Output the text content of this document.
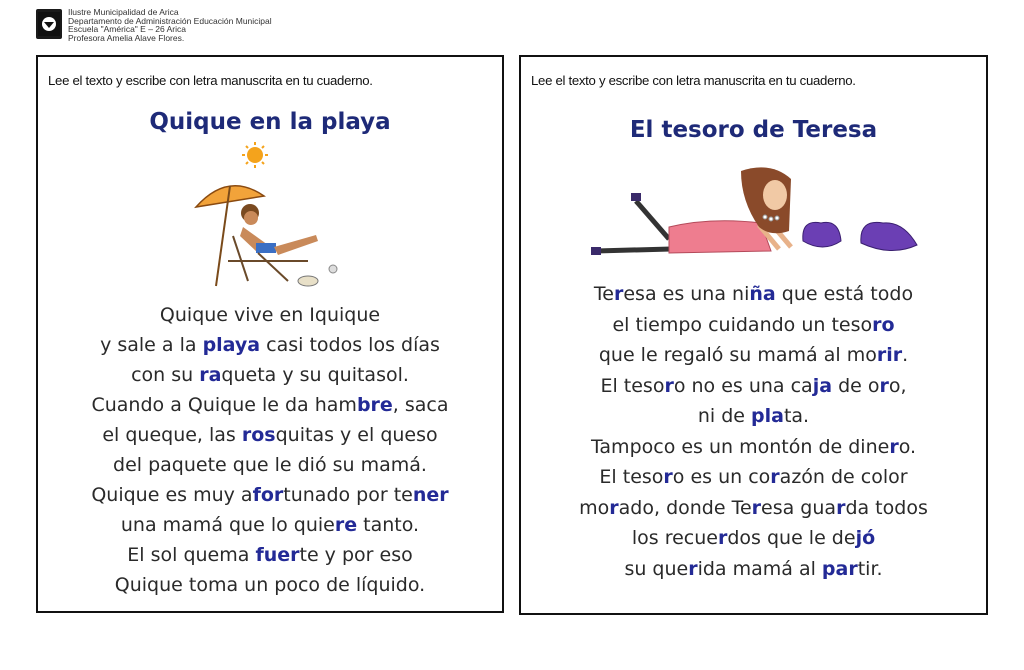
Ilustre Municipalidad de Arica
Departamento de Administración Educación Municipal
Escuela "América" E – 26 Arica
Profesora Amelia Alave Flores.
Lee el texto y escribe con letra manuscrita en tu cuaderno.
Quique en la playa
Quique vive en Iquique
y sale a la playa casi todos los días
con su raqueta y su quitasol.
Cuando a Quique le da hambre, saca
el queque, las rosquitas y el queso
del paquete que le dió su mamá.
Quique es muy afortunado por tener
una mamá que lo quiere tanto.
El sol quema fuerte y por eso
Quique toma un poco de líquido.
Lee el texto y escribe con letra manuscrita en tu cuaderno.
El tesoro de Teresa
Teresa es una niña que está todo
el tiempo cuidando un tesoro
que le regaló su mamá al morir.
El tesoro no es una caja de oro,
ni de plata.
Tampoco es un montón de dinero.
El tesoro es un corazón de color
morado, donde Teresa guarda todos
los recuerdos que le dejó
su querida mamá al partir.
